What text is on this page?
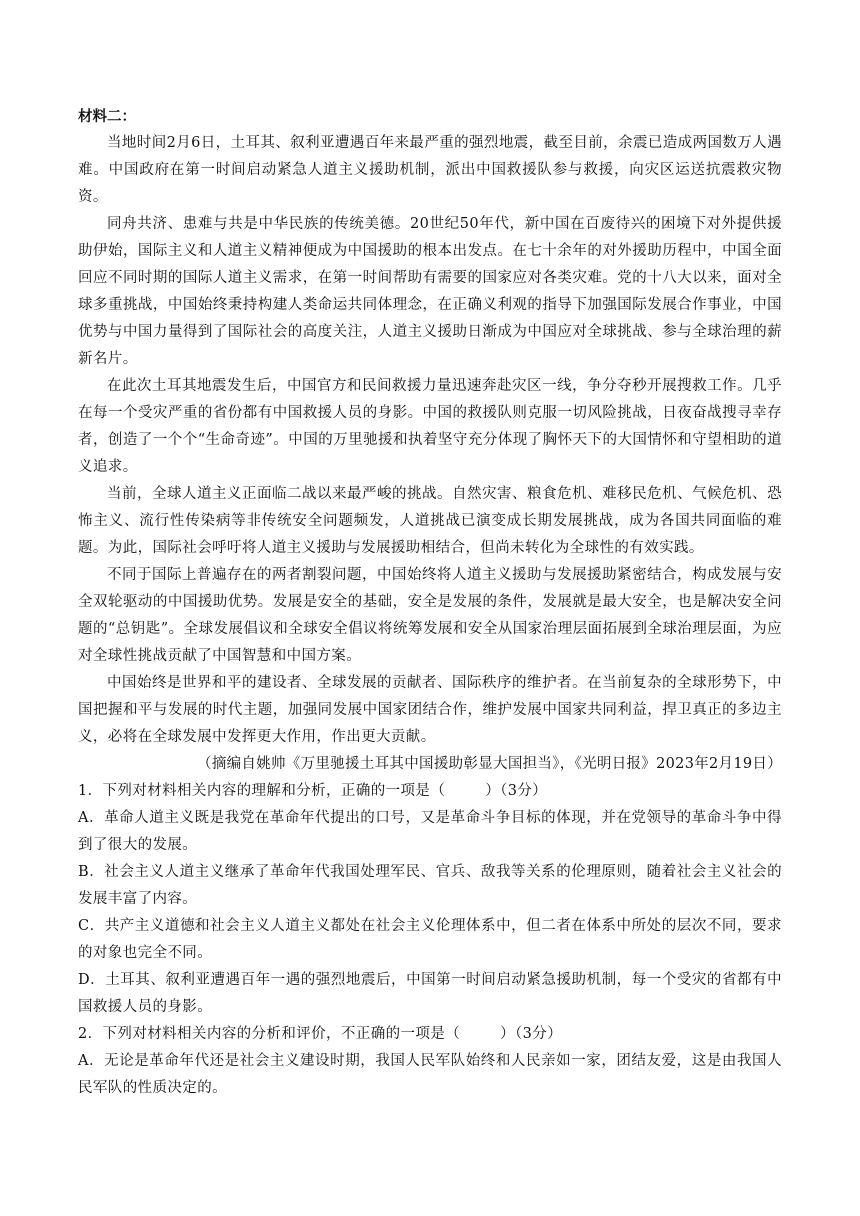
材料二：

当地时间2月6日，土耳其、叙利亚遭遇百年来最严重的强烈地震，截至目前，余震已造成两国数万人遇难。中国政府在第一时间启动紧急人道主义援助机制，派出中国救援队参与救援，向灾区运送抗震救灾物资。

同舟共济、患难与共是中华民族的传统美德。20世纪50年代，新中国在百废待兴的困境下对外提供援助伊始，国际主义和人道主义精神便成为中国援助的根本出发点。在七十余年的对外援助历程中，中国全面回应不同时期的国际人道主义需求，在第一时间帮助有需要的国家应对各类灾难。党的十八大以来，面对全球多重挑战，中国始终秉持构建人类命运共同体理念，在正确义利观的指导下加强国际发展合作事业，中国优势与中国力量得到了国际社会的高度关注，人道主义援助日渐成为中国应对全球挑战、参与全球治理的薪新名片。

在此次土耳其地震发生后，中国官方和民间救援力量迅速奔赴灾区一线，争分夺秒开展搜救工作。几乎在每一个受灾严重的省份都有中国救援人员的身影。中国的救援队则克服一切风险挑战，日夜奋战搜寻幸存者，创造了一个个“生命奇迹”。中国的万里驰援和执着坚守充分体现了胸怀天下的大国情怀和守望相助的道义追求。

当前，全球人道主义正面临二战以来最严峻的挑战。自然灾害、粮食危机、难移民危机、气候危机、恐怖主义、流行性传染病等非传统安全问题频发，人道挑战已演变成长期发展挑战，成为各国共同面临的难题。为此，国际社会呼吁将人道主义援助与发展援助相结合，但尚未转化为全球性的有效实践。

不同于国际上普遍存在的两者割裂问题，中国始终将人道主义援助与发展援助紧密结合，构成发展与安全双轮驱动的中国援助优势。发展是安全的基础，安全是发展的条件，发展就是最大安全，也是解决安全问题的“总钥匙”。全球发展倡议和全球安全倡议将统筹发展和安全从国家治理层面拓展到全球治理层面，为应对全球性挑战贡献了中国智慧和中国方案。

中国始终是世界和平的建设者、全球发展的贡献者、国际秩序的维护者。在当前复杂的全球形势下，中国把握和平与发展的时代主题，加强同发展中国家团结合作，维护发展中国家共同利益，捍卫真正的多边主义，必将在全球发展中发挥更大作用，作出更大贡献。

（摘编自姚帅《万里驰援土耳其中国援助彰显大国担当》，《光明日报》2023年2月19日）

1．下列对材料相关内容的理解和分析，正确的一项是（	）（3分）

A．革命人道主义既是我党在革命年代提出的口号，又是革命斗争目标的体现，并在党领导的革命斗争中得到了很大的发展。

B．社会主义人道主义继承了革命年代我国处理军民、官兵、敌我等关系的伦理原则，随着社会主义社会的发展丰富了内容。

C．共产主义道德和社会主义人道主义都处在社会主义伦理体系中，但二者在体系中所处的层次不同，要求的对象也完全不同。

D．土耳其、叙利亚遭遇百年一遇的强烈地震后，中国第一时间启动紧急援助机制，每一个受灾的省都有中国救援人员的身影。

2．下列对材料相关内容的分析和评价，不正确的一项是（	）（3分）

A．无论是革命年代还是社会主义建设时期，我国人民军队始终和人民亲如一家，团结友爱，这是由我国人民军队的性质决定的。
